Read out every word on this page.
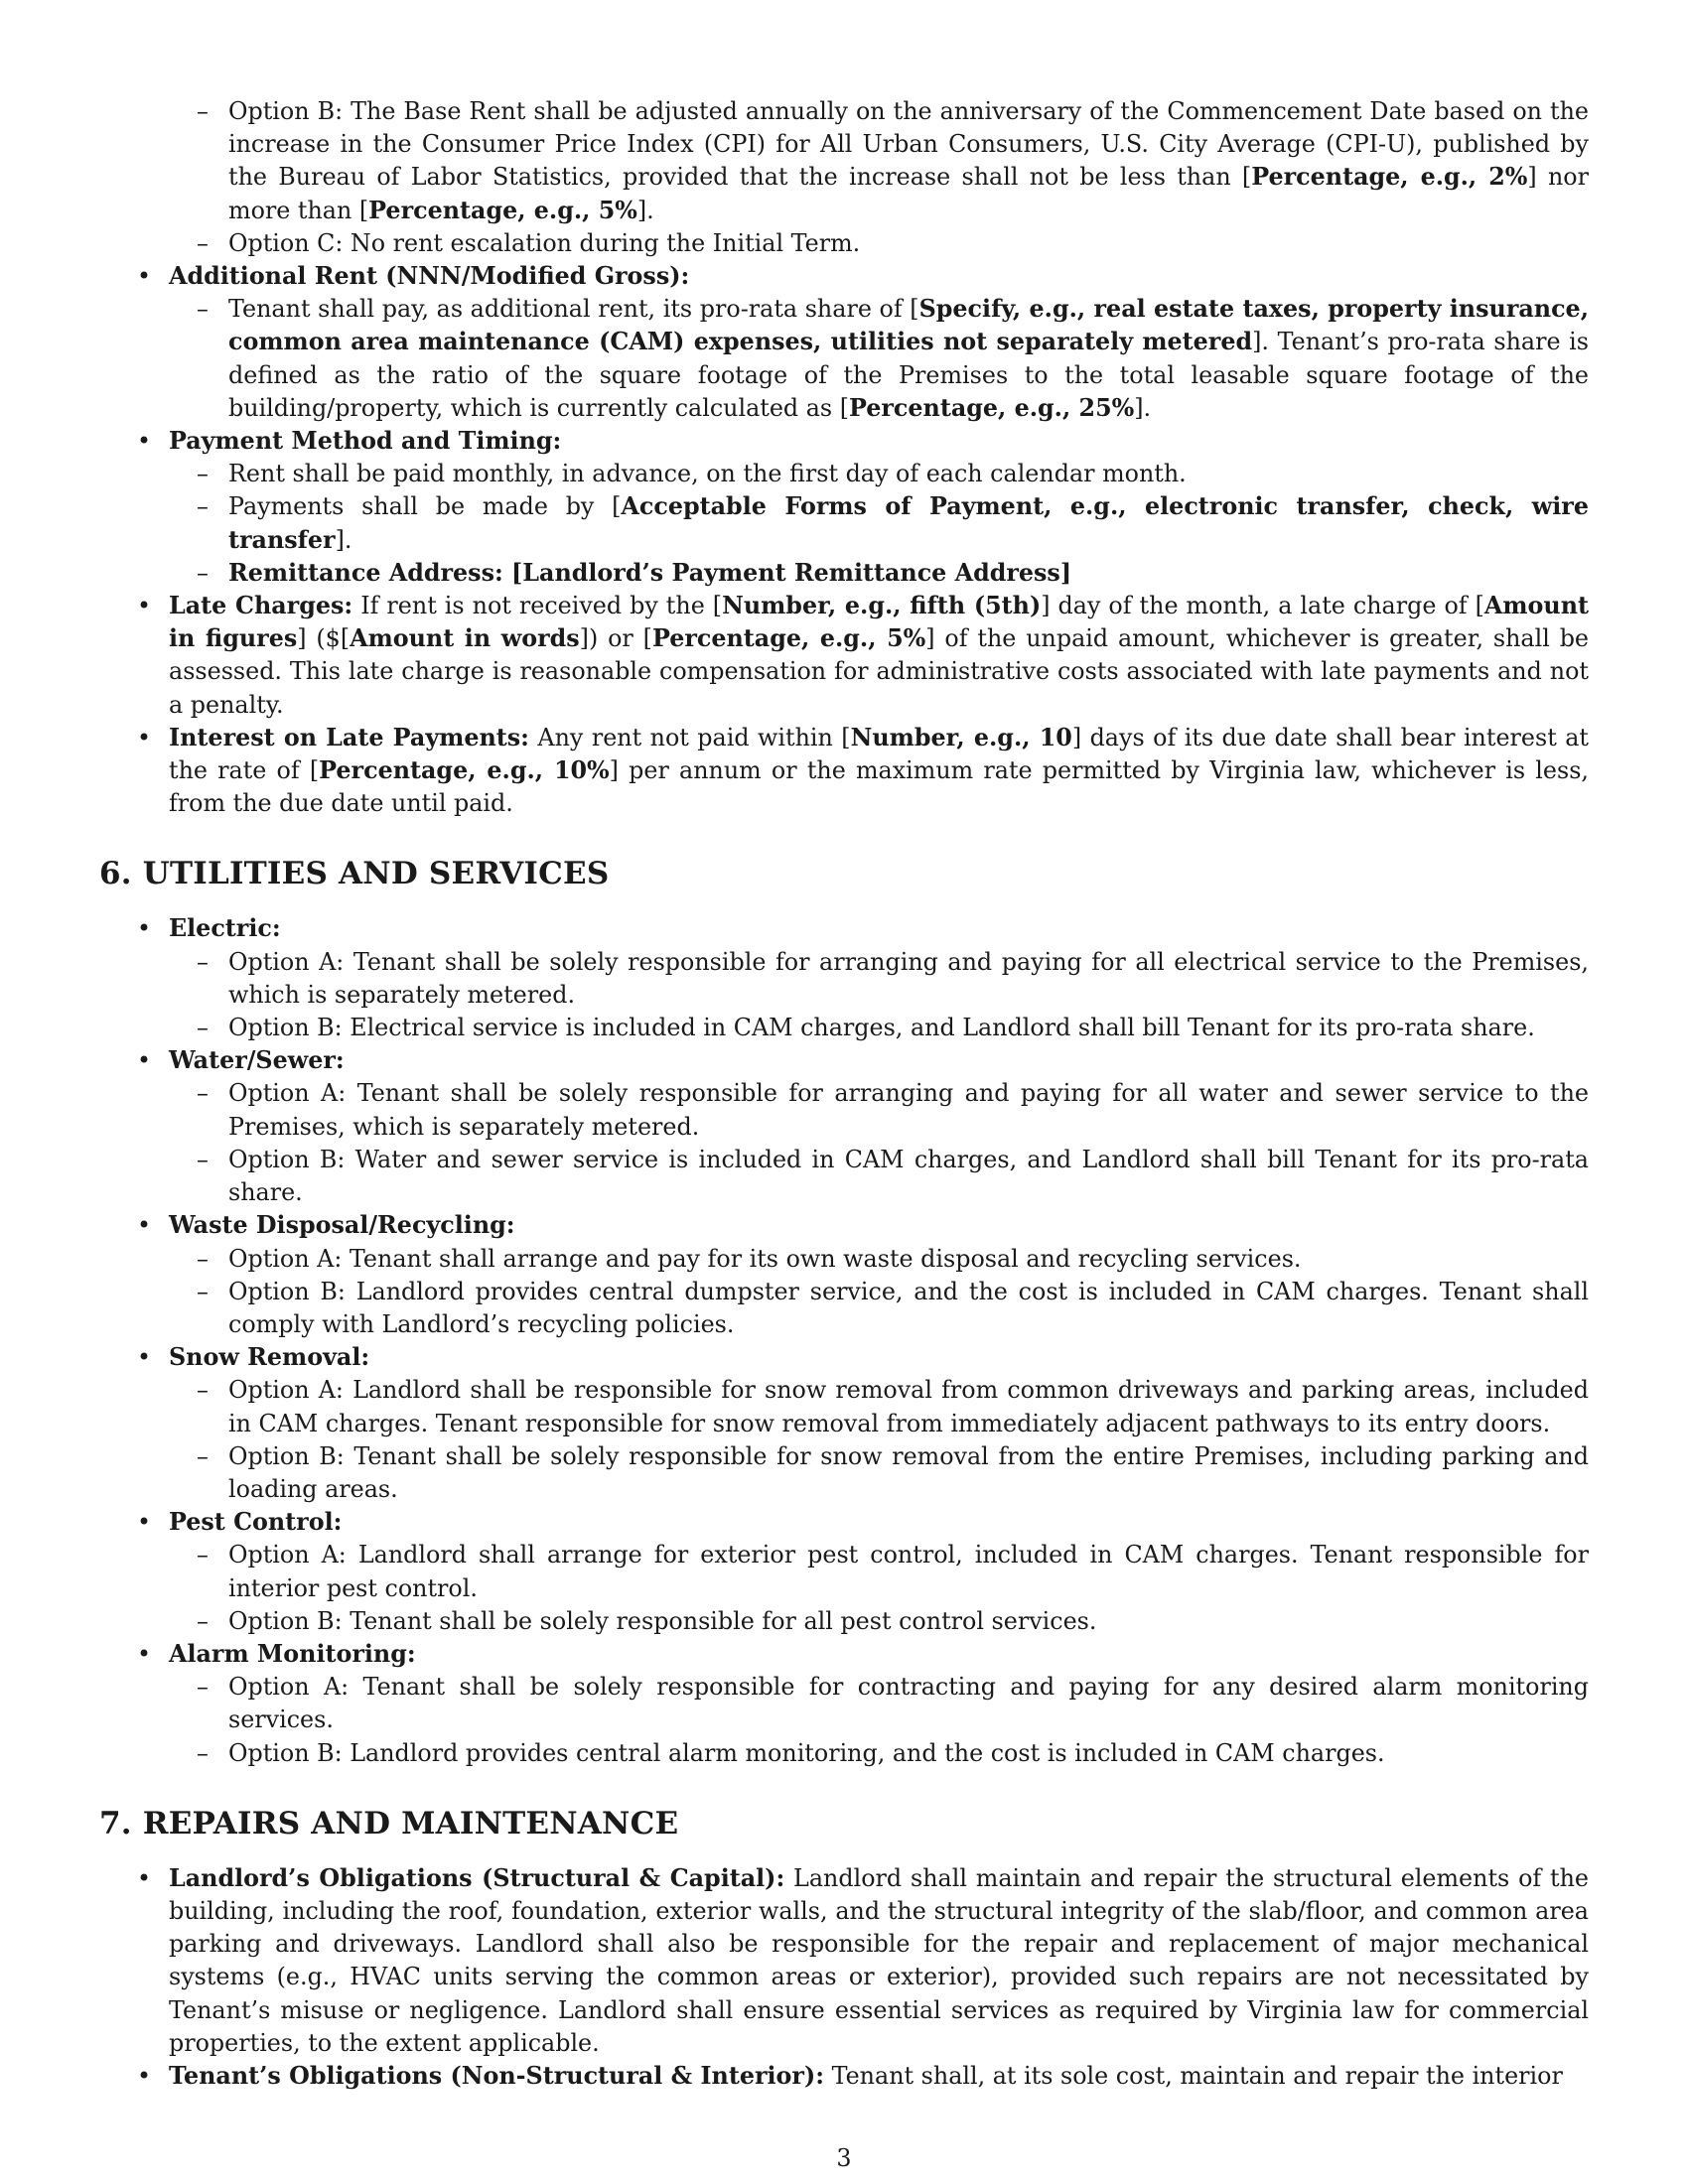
– Option B: The Base Rent shall be adjusted annually on the anniversary of the Commencement Date based on the increase in the Consumer Price Index (CPI) for All Urban Consumers, U.S. City Average (CPI-U), published by the Bureau of Labor Statistics, provided that the increase shall not be less than [Percentage, e.g., 2%] nor more than [Percentage, e.g., 5%].

– Option C: No rent escalation during the Initial Term.

• Additional Rent (NNN/Modified Gross):

– Tenant shall pay, as additional rent, its pro-rata share of [Specify, e.g., real estate taxes, property insurance, common area maintenance (CAM) expenses, utilities not separately metered]. Tenant’s pro-rata share is defined as the ratio of the square footage of the Premises to the total leasable square footage of the building/property, which is currently calculated as [Percentage, e.g., 25%].

• Payment Method and Timing:

– Rent shall be paid monthly, in advance, on the first day of each calendar month.

– Payments shall be made by [Acceptable Forms of Payment, e.g., electronic transfer, check, wire transfer].

– Remittance Address: [Landlord’s Payment Remittance Address]

• Late Charges: If rent is not received by the [Number, e.g., fifth (5th)] day of the month, a late charge of [Amount in figures] ($[Amount in words]) or [Percentage, e.g., 5%] of the unpaid amount, whichever is greater, shall be assessed. This late charge is reasonable compensation for administrative costs associated with late payments and not a penalty.

• Interest on Late Payments: Any rent not paid within [Number, e.g., 10] days of its due date shall bear interest at the rate of [Percentage, e.g., 10%] per annum or the maximum rate permitted by Virginia law, whichever is less, from the due date until paid.

6. UTILITIES AND SERVICES

• Electric:

– Option A: Tenant shall be solely responsible for arranging and paying for all electrical service to the Premises, which is separately metered.

– Option B: Electrical service is included in CAM charges, and Landlord shall bill Tenant for its pro-rata share.

• Water/Sewer:

– Option A: Tenant shall be solely responsible for arranging and paying for all water and sewer service to the Premises, which is separately metered.

– Option B: Water and sewer service is included in CAM charges, and Landlord shall bill Tenant for its pro-rata share.

• Waste Disposal/Recycling:

– Option A: Tenant shall arrange and pay for its own waste disposal and recycling services.

– Option B: Landlord provides central dumpster service, and the cost is included in CAM charges. Tenant shall comply with Landlord’s recycling policies.

• Snow Removal:

– Option A: Landlord shall be responsible for snow removal from common driveways and parking areas, included in CAM charges. Tenant responsible for snow removal from immediately adjacent pathways to its entry doors.

– Option B: Tenant shall be solely responsible for snow removal from the entire Premises, including parking and loading areas.

• Pest Control:

– Option A: Landlord shall arrange for exterior pest control, included in CAM charges. Tenant responsible for interior pest control.

– Option B: Tenant shall be solely responsible for all pest control services.

• Alarm Monitoring:

– Option A: Tenant shall be solely responsible for contracting and paying for any desired alarm monitoring services.

– Option B: Landlord provides central alarm monitoring, and the cost is included in CAM charges.

7. REPAIRS AND MAINTENANCE

• Landlord’s Obligations (Structural & Capital): Landlord shall maintain and repair the structural elements of the building, including the roof, foundation, exterior walls, and the structural integrity of the slab/floor, and common area parking and driveways. Landlord shall also be responsible for the repair and replacement of major mechanical systems (e.g., HVAC units serving the common areas or exterior), provided such repairs are not necessitated by Tenant’s misuse or negligence. Landlord shall ensure essential services as required by Virginia law for commercial properties, to the extent applicable.

• Tenant’s Obligations (Non-Structural & Interior): Tenant shall, at its sole cost, maintain and repair the interior

3
